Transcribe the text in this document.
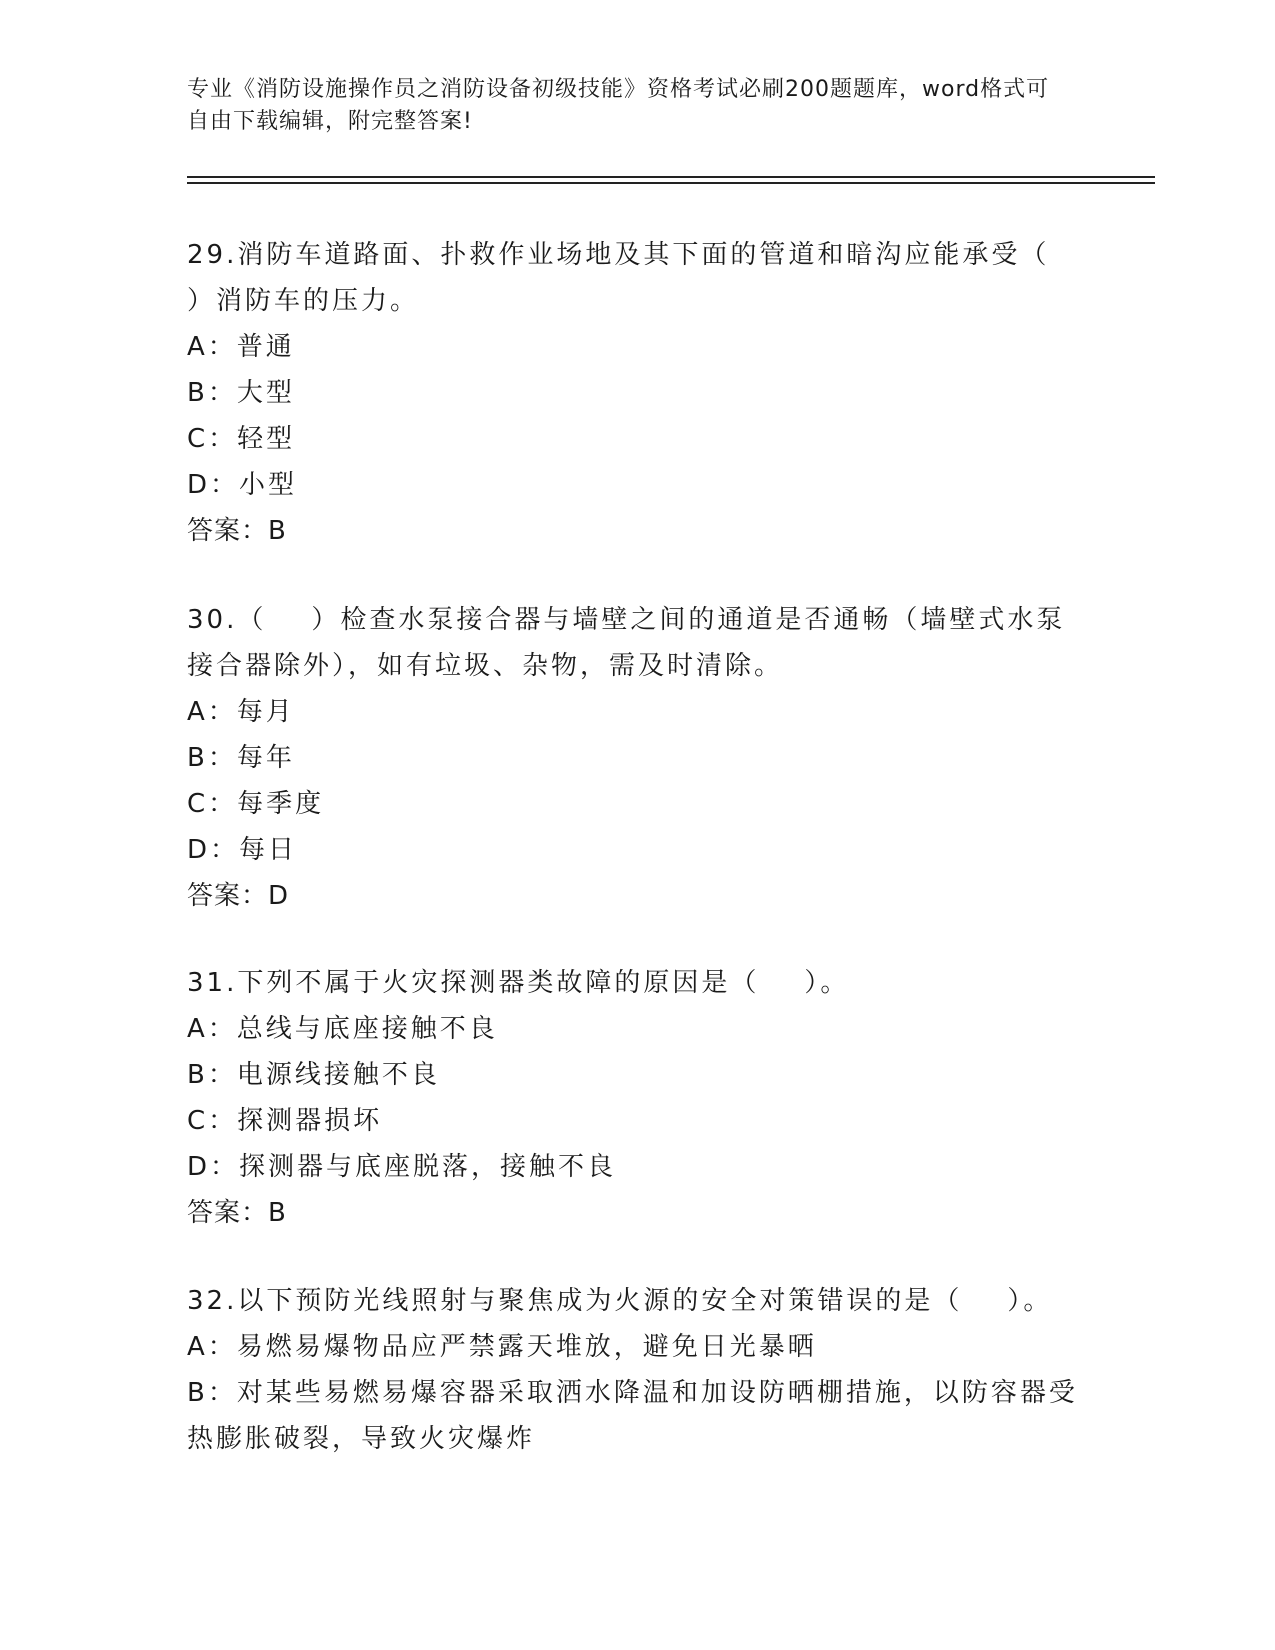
专业《消防设施操作员之消防设备初级技能》资格考试必刷200题题库，word格式可自由下载编辑，附完整答案!
29.消防车道路面、扑救作业场地及其下面的管道和暗沟应能承受（    ）消防车的压力。
A：普通
B：大型
C：轻型
D：小型
答案：B
30.（    ）检查水泵接合器与墙壁之间的通道是否通畅（墙壁式水泵接合器除外），如有垃圾、杂物，需及时清除。
A：每月
B：每年
C：每季度
D：每日
答案：D
31.下列不属于火灾探测器类故障的原因是（    ）。
A：总线与底座接触不良
B：电源线接触不良
C：探测器损坏
D：探测器与底座脱落，接触不良
答案：B
32.以下预防光线照射与聚焦成为火源的安全对策错误的是（    ）。
A：易燃易爆物品应严禁露天堆放，避免日光暴晒
B：对某些易燃易爆容器采取洒水降温和加设防晒棚措施，以防容器受热膨胀破裂，导致火灾爆炸
